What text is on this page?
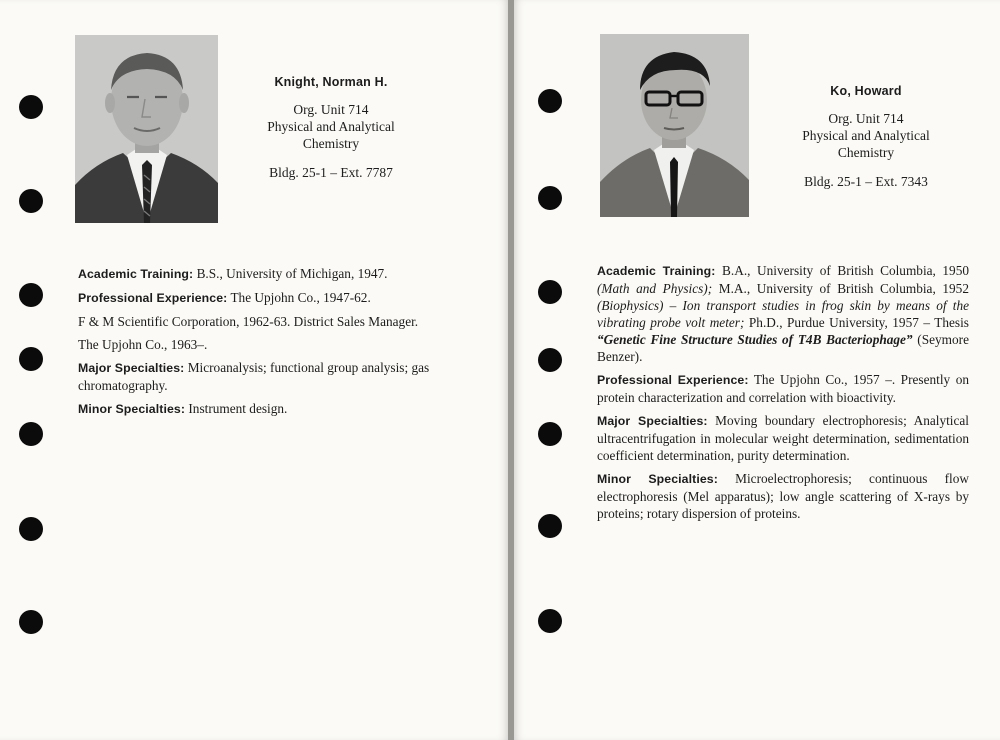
Knight, Norman H.
Org. Unit 714
Physical and Analytical
Chemistry
Bldg. 25-1 – Ext. 7787

Academic Training: B.S., University of Michigan, 1947.

Professional Experience: The Upjohn Co., 1947-62.

F & M Scientific Corporation, 1962-63. District Sales Manager.

The Upjohn Co., 1963–.

Major Specialties: Microanalysis; functional group analysis; gas chromatography.

Minor Specialties: Instrument design.

Ko, Howard
Org. Unit 714
Physical and Analytical
Chemistry
Bldg. 25-1 – Ext. 7343

Academic Training: B.A., University of British Columbia, 1950 (Math and Physics); M.A., University of British Columbia, 1952 (Biophysics) – Ion transport studies in frog skin by means of the vibrating probe volt meter; Ph.D., Purdue University, 1957 – Thesis “Genetic Fine Structure Studies of T4B Bacteriophage” (Seymore Benzer).

Professional Experience: The Upjohn Co., 1957 –. Presently on protein characterization and correlation with bioactivity.

Major Specialties: Moving boundary electrophoresis; Analytical ultracentrifugation in molecular weight determination, sedimentation coefficient determination, purity determination.

Minor Specialties: Microelectrophoresis; continuous flow electrophoresis (Mel apparatus); low angle scattering of X-rays by proteins; rotary dispersion of proteins.
